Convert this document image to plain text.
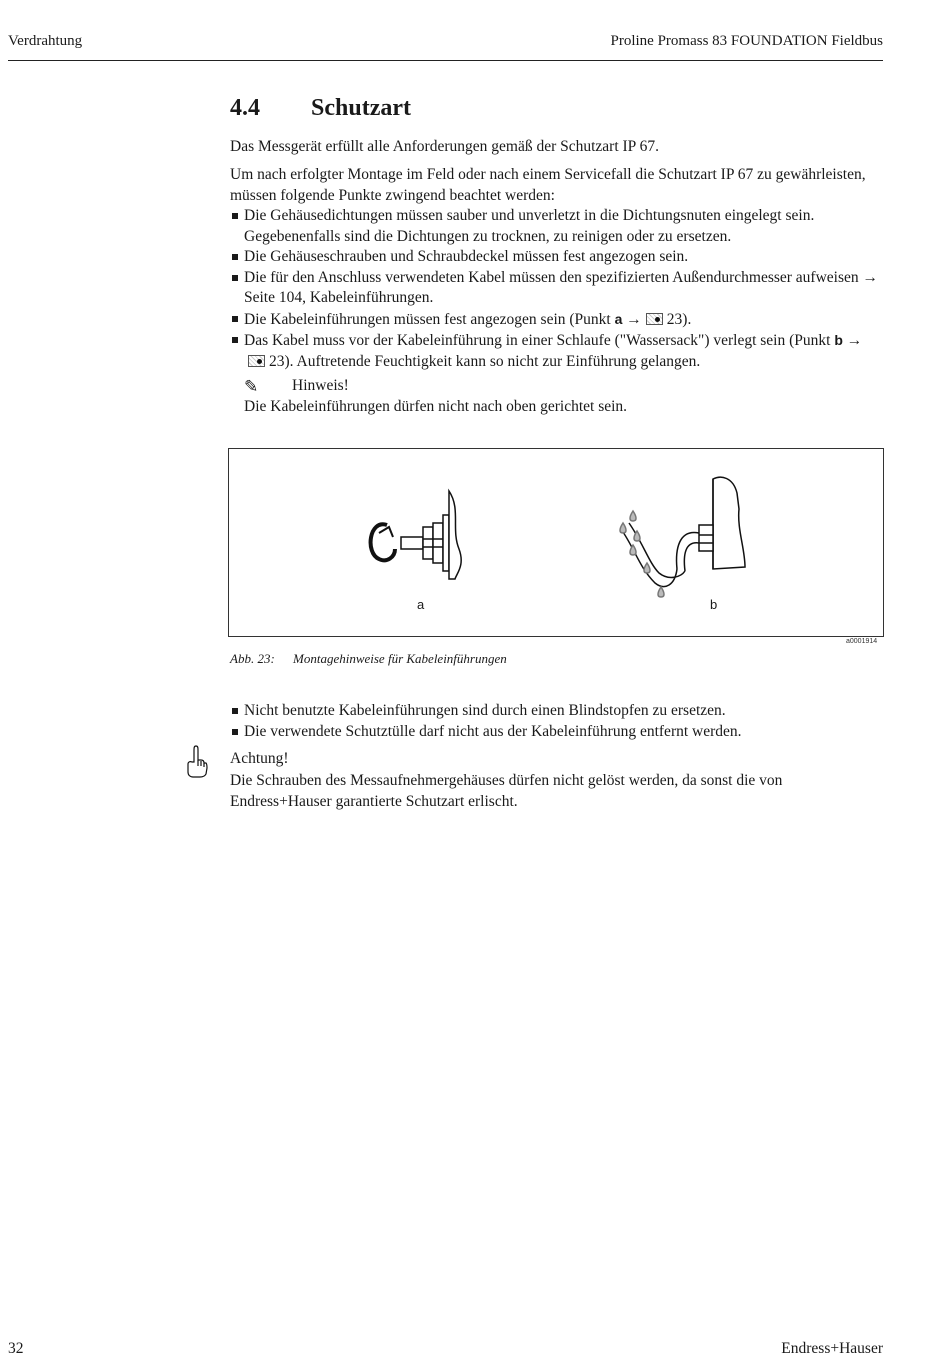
Verdrahtung	Proline Promass 83 FOUNDATION Fieldbus
4.4 Schutzart
Das Messgerät erfüllt alle Anforderungen gemäß der Schutzart IP 67.
Um nach erfolgter Montage im Feld oder nach einem Servicefall die Schutzart IP 67 zu gewährleisten, müssen folgende Punkte zwingend beachtet werden:
Die Gehäusedichtungen müssen sauber und unverletzt in die Dichtungsnuten eingelegt sein. Gegebenenfalls sind die Dichtungen zu trocknen, zu reinigen oder zu ersetzen.
Die Gehäuseschrauben und Schraubdeckel müssen fest angezogen sein.
Die für den Anschluss verwendeten Kabel müssen den spezifizierten Außendurchmesser aufweisen → Seite 104, Kabeleinführungen.
Die Kabeleinführungen müssen fest angezogen sein (Punkt a → 23).
Das Kabel muss vor der Kabeleinführung in einer Schlaufe ("Wassersack") verlegt sein (Punkt b →23). Auftretende Feuchtigkeit kann so nicht zur Einführung gelangen.
✎ Hinweis!
Die Kabeleinführungen dürfen nicht nach oben gerichtet sein.
a	b
a0001914
Abb. 23: Montagehinweise für Kabeleinführungen
Nicht benutzte Kabeleinführungen sind durch einen Blindstopfen zu ersetzen.
Die verwendete Schutztülle darf nicht aus der Kabeleinführung entfernt werden.
Achtung!
Die Schrauben des Messaufnehmergehäuses dürfen nicht gelöst werden, da sonst die von Endress+Hauser garantierte Schutzart erlischt.
32	Endress+Hauser
